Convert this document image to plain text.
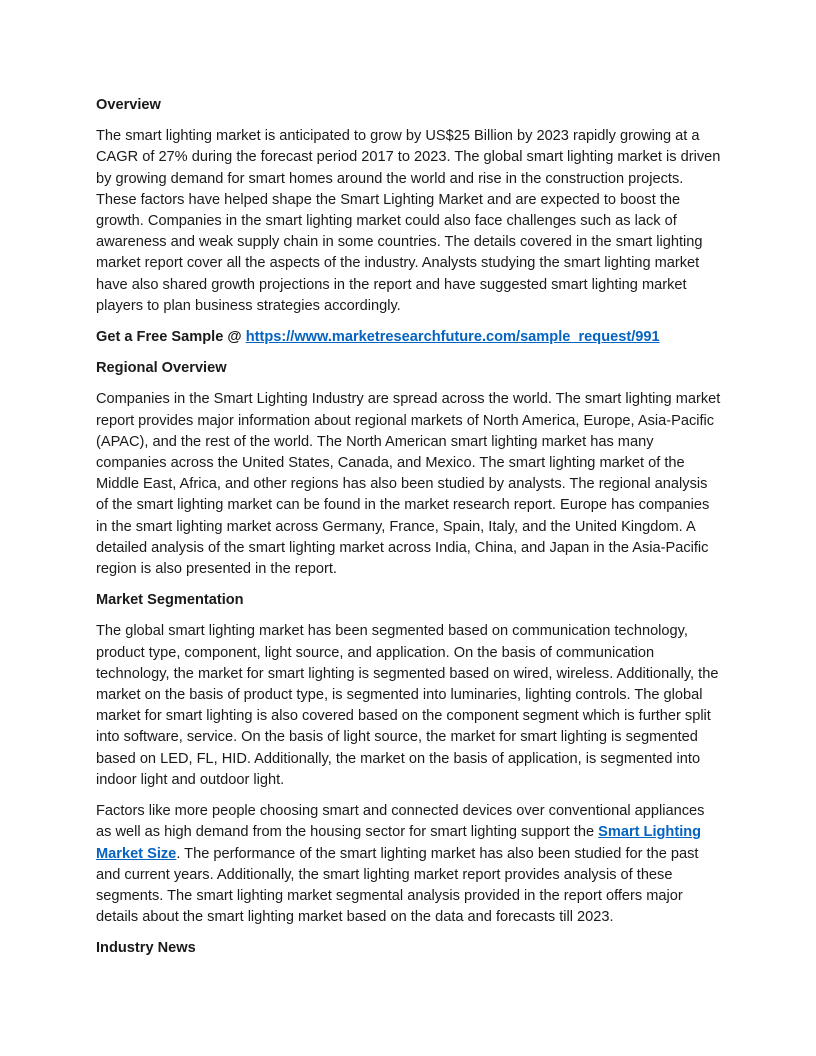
Overview

The smart lighting market is anticipated to grow by US$25 Billion by 2023 rapidly growing at a CAGR of 27% during the forecast period 2017 to 2023. The global smart lighting market is driven by growing demand for smart homes around the world and rise in the construction projects. These factors have helped shape the Smart Lighting Market and are expected to boost the growth. Companies in the smart lighting market could also face challenges such as lack of awareness and weak supply chain in some countries. The details covered in the smart lighting market report cover all the aspects of the industry. Analysts studying the smart lighting market have also shared growth projections in the report and have suggested smart lighting market players to plan business strategies accordingly.

Get a Free Sample @ https://www.marketresearchfuture.com/sample_request/991

Regional Overview

Companies in the Smart Lighting Industry are spread across the world. The smart lighting market report provides major information about regional markets of North America, Europe, Asia-Pacific (APAC), and the rest of the world. The North American smart lighting market has many companies across the United States, Canada, and Mexico. The smart lighting market of the Middle East, Africa, and other regions has also been studied by analysts. The regional analysis of the smart lighting market can be found in the market research report. Europe has companies in the smart lighting market across Germany, France, Spain, Italy, and the United Kingdom. A detailed analysis of the smart lighting market across India, China, and Japan in the Asia-Pacific region is also presented in the report.

Market Segmentation

The global smart lighting market has been segmented based on communication technology, product type, component, light source, and application. On the basis of communication technology, the market for smart lighting is segmented based on wired, wireless. Additionally, the market on the basis of product type, is segmented into luminaries, lighting controls. The global market for smart lighting is also covered based on the component segment which is further split into software, service. On the basis of light source, the market for smart lighting is segmented based on LED, FL, HID. Additionally, the market on the basis of application, is segmented into indoor light and outdoor light.

Factors like more people choosing smart and connected devices over conventional appliances as well as high demand from the housing sector for smart lighting support the Smart Lighting Market Size. The performance of the smart lighting market has also been studied for the past and current years. Additionally, the smart lighting market report provides analysis of these segments. The smart lighting market segmental analysis provided in the report offers major details about the smart lighting market based on the data and forecasts till 2023.

Industry News
